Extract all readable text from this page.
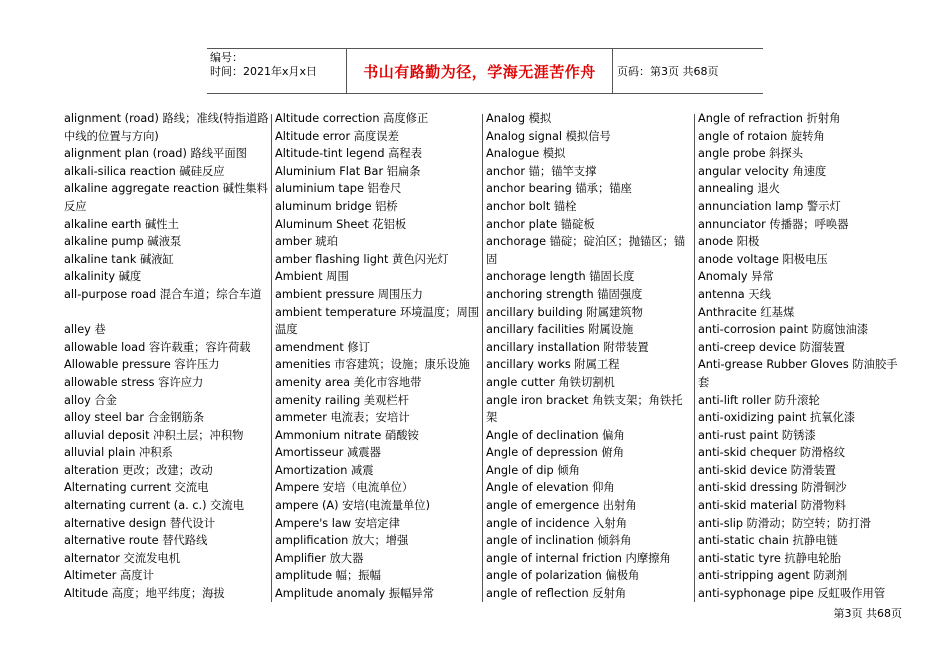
编号：
时间：2021年x月x日	书山有路勤为径，学海无涯苦作舟	页码：第3页 共68页
alignment (road) 路线；准线(特指道路中线的位置与方向)
alignment plan (road) 路线平面图
alkali-silica reaction 碱硅反应
alkaline aggregate reaction 碱性集料反应
alkaline earth 碱性土
alkaline pump 碱液泵
alkaline tank 碱液缸
alkalinity 碱度
all-purpose road 混合车道；综合车道
alley 巷
allowable load 容许载重；容许荷载
Allowable pressure 容许压力
allowable stress 容许应力
alloy 合金
alloy steel bar 合金钢筋条
alluvial deposit 冲积土层；冲积物
alluvial plain 冲积系
alteration 更改；改建；改动
Alternating current 交流电
alternating current (a. c.) 交流电
alternative design 替代设计
alternative route 替代路线
alternator 交流发电机
Altimeter 高度计
Altitude 高度；地平纬度；海拔
Altitude correction 高度修正
Altitude error 高度误差
Altitude-tint legend 高程表
Aluminium Flat Bar 铝扁条
aluminium tape 铝卷尺
aluminum bridge 铝桥
Aluminum Sheet 花铝板
amber 琥珀
amber flashing light 黄色闪光灯
Ambient 周围
ambient pressure 周围压力
ambient temperature 环境温度；周围温度
amendment 修订
amenities 市容建筑；设施；康乐设施
amenity area 美化市容地带
amenity railing 美观栏杆
ammeter 电流表；安培计
Ammonium nitrate 硝酸铵
Amortisseur 减震器
Amortization 减震
Ampere 安培（电流单位）
ampere (A) 安培(电流量单位)
Ampere's law 安培定律
amplification 放大；增强
Amplifier 放大器
amplitude 幅；振幅
Amplitude anomaly 振幅异常
Analog 模拟
Analog signal 模拟信号
Analogue 模拟
anchor 锚；锚竿支撑
anchor bearing 锚承；锚座
anchor bolt 锚栓
anchor plate 锚碇板
anchorage 锚碇；碇泊区；抛锚区；锚固
anchorage length 锚固长度
anchoring strength 锚固强度
ancillary building 附属建筑物
ancillary facilities 附属设施
ancillary installation 附带装置
ancillary works 附属工程
angle cutter 角铁切割机
angle iron bracket 角铁支架；角铁托架
Angle of declination 偏角
Angle of depression 俯角
Angle of dip 倾角
Angle of elevation 仰角
angle of emergence 出射角
angle of incidence 入射角
angle of inclination 倾斜角
angle of internal friction 内摩擦角
angle of polarization 偏极角
angle of reflection 反射角
Angle of refraction 折射角
angle of rotaion 旋转角
angle probe 斜探头
angular velocity 角速度
annealing 退火
annunciation lamp 警示灯
annunciator 传播器；呼唤器
anode 阳极
anode voltage 阳极电压
Anomaly 异常
antenna 天线
Anthracite 红基煤
anti-corrosion paint 防腐蚀油漆
anti-creep device 防溜装置
Anti-grease Rubber Gloves 防油胶手套
anti-lift roller 防升滚轮
anti-oxidizing paint 抗氧化漆
anti-rust paint 防锈漆
anti-skid chequer 防滑格纹
anti-skid device 防滑装置
anti-skid dressing 防滑铜沙
anti-skid material 防滑物料
anti-slip 防滑动；防空转；防打滑
anti-static chain 抗静电链
anti-static tyre 抗静电轮胎
anti-stripping agent 防剥剂
anti-syphonage pipe 反虹吸作用管
第3页 共68页
